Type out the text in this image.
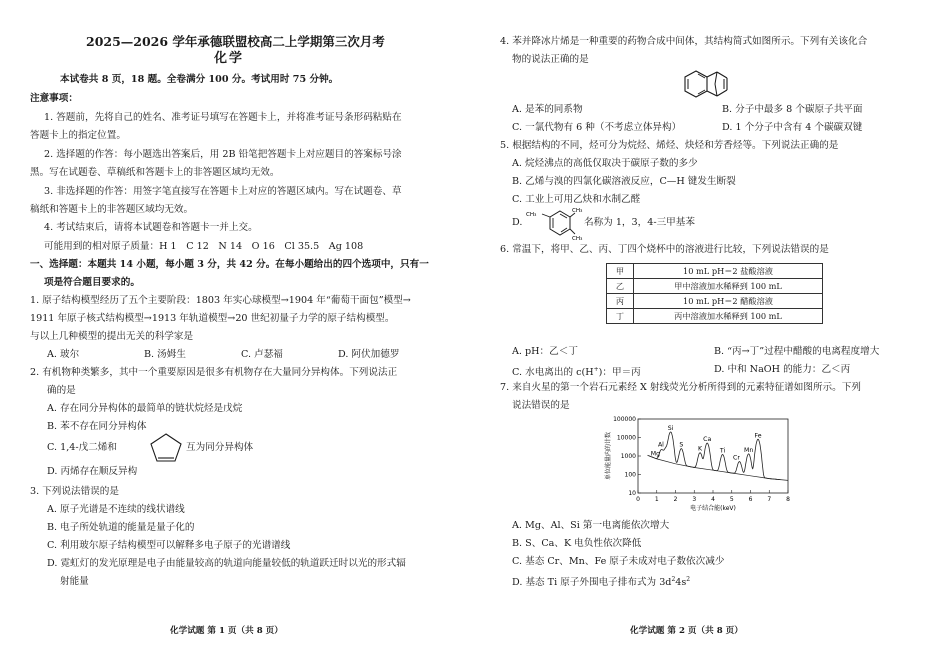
2025—2026 学年承德联盟校高二上学期第三次月考
化学
本试卷共 8 页，18 题。全卷满分 100 分。考试用时 75 分钟。
注意事项：
1. 答题前，先将自己的姓名、准考证号填写在答题卡上，并将准考证号条形码粘贴在
答题卡上的指定位置。
2. 选择题的作答：每小题选出答案后，用 2B 铅笔把答题卡上对应题目的答案标号涂
黑。写在试题卷、草稿纸和答题卡上的非答题区域均无效。
3. 非选择题的作答：用签字笔直接写在答题卡上对应的答题区域内。写在试题卷、草
稿纸和答题卡上的非答题区域均无效。
4. 考试结束后，请将本试题卷和答题卡一并上交。
可能用到的相对原子质量：H 1　C 12　N 14　O 16　Cl 35.5　Ag 108
一、选择题：本题共 14 小题，每小题 3 分，共 42 分。在每小题给出的四个选项中，只有一
项是符合题目要求的。
1. 原子结构模型经历了五个主要阶段：1803 年实心球模型→1904 年“葡萄干面包”模型→
1911 年原子核式结构模型→1913 年轨道模型→20 世纪初量子力学的原子结构模型。
与以上几种模型的提出无关的科学家是
A. 玻尔	B. 汤姆生	C. 卢瑟福	D. 阿伏加德罗
2. 有机物种类繁多，其中一个重要原因是很多有机物存在大量同分异构体。下列说法正
确的是
A. 存在同分异构体的最简单的链状烷烃是戊烷
B. 苯不存在同分异构体
C. 1,4-戊二烯和	互为同分异构体
D. 丙烯存在顺反异构
3. 下列说法错误的是
A. 原子光谱是不连续的线状谱线
B. 电子所处轨道的能量是量子化的
C. 利用玻尔原子结构模型可以解释多电子原子的光谱谱线
D. 霓虹灯的发光原理是电子由能量较高的轨道向能量较低的轨道跃迁时以光的形式辐
射能量
化学试题 第 1 页（共 8 页）
4. 苯并降冰片烯是一种重要的药物合成中间体，其结构简式如图所示。下列有关该化合
物的说法正确的是
A. 是苯的同系物	B. 分子中最多 8 个碳原子共平面
C. 一氯代物有 6 种（不考虑立体异构）	D. 1 个分子中含有 4 个碳碳双键
5. 根据结构的不同，烃可分为烷烃、烯烃、炔烃和芳香烃等。下列说法正确的是
A. 烷烃沸点的高低仅取决于碳原子数的多少
B. 乙烯与溴的四氯化碳溶液反应，C—H 键发生断裂
C. 工业上可用乙炔和水制乙醛
D.
CH₃
CH₃
CH₃
名称为 1，3，4-三甲基苯
6. 常温下，将甲、乙、丙、丁四个烧杯中的溶液进行比较，下列说法错误的是
甲	10 mL pH＝2 盐酸溶液
乙	甲中溶液加水稀释到 100 mL
丙	10 mL pH＝2 醋酸溶液
丁	丙中溶液加水稀释到 100 mL
A. pH：乙＜丁	B. “丙→丁”过程中醋酸的电离程度增大
C. 水电离出的 c(H+)：甲＝丙	D. 中和 NaOH 的能力：乙＜丙
7. 来自火星的第一个岩石元素经 X 射线荧光分析所得到的元素特征谱如图所示。下列
说法错误的是
10
100
1000
10000
100000
0 1 2 3 4 5 6 7 8
电子结合能(keV)
单位能量内的计数	Mg
Al
Si
S
K
Ca
Ti
Cr
Mn
Fe
A. Mg、Al、Si 第一电离能依次增大
B. S、Ca、K 电负性依次降低
C. 基态 Cr、Mn、Fe 原子未成对电子数依次减少
D. 基态 Ti 原子外围电子排布式为 $3d^24s^2$
化学试题 第 2 页（共 8 页）
